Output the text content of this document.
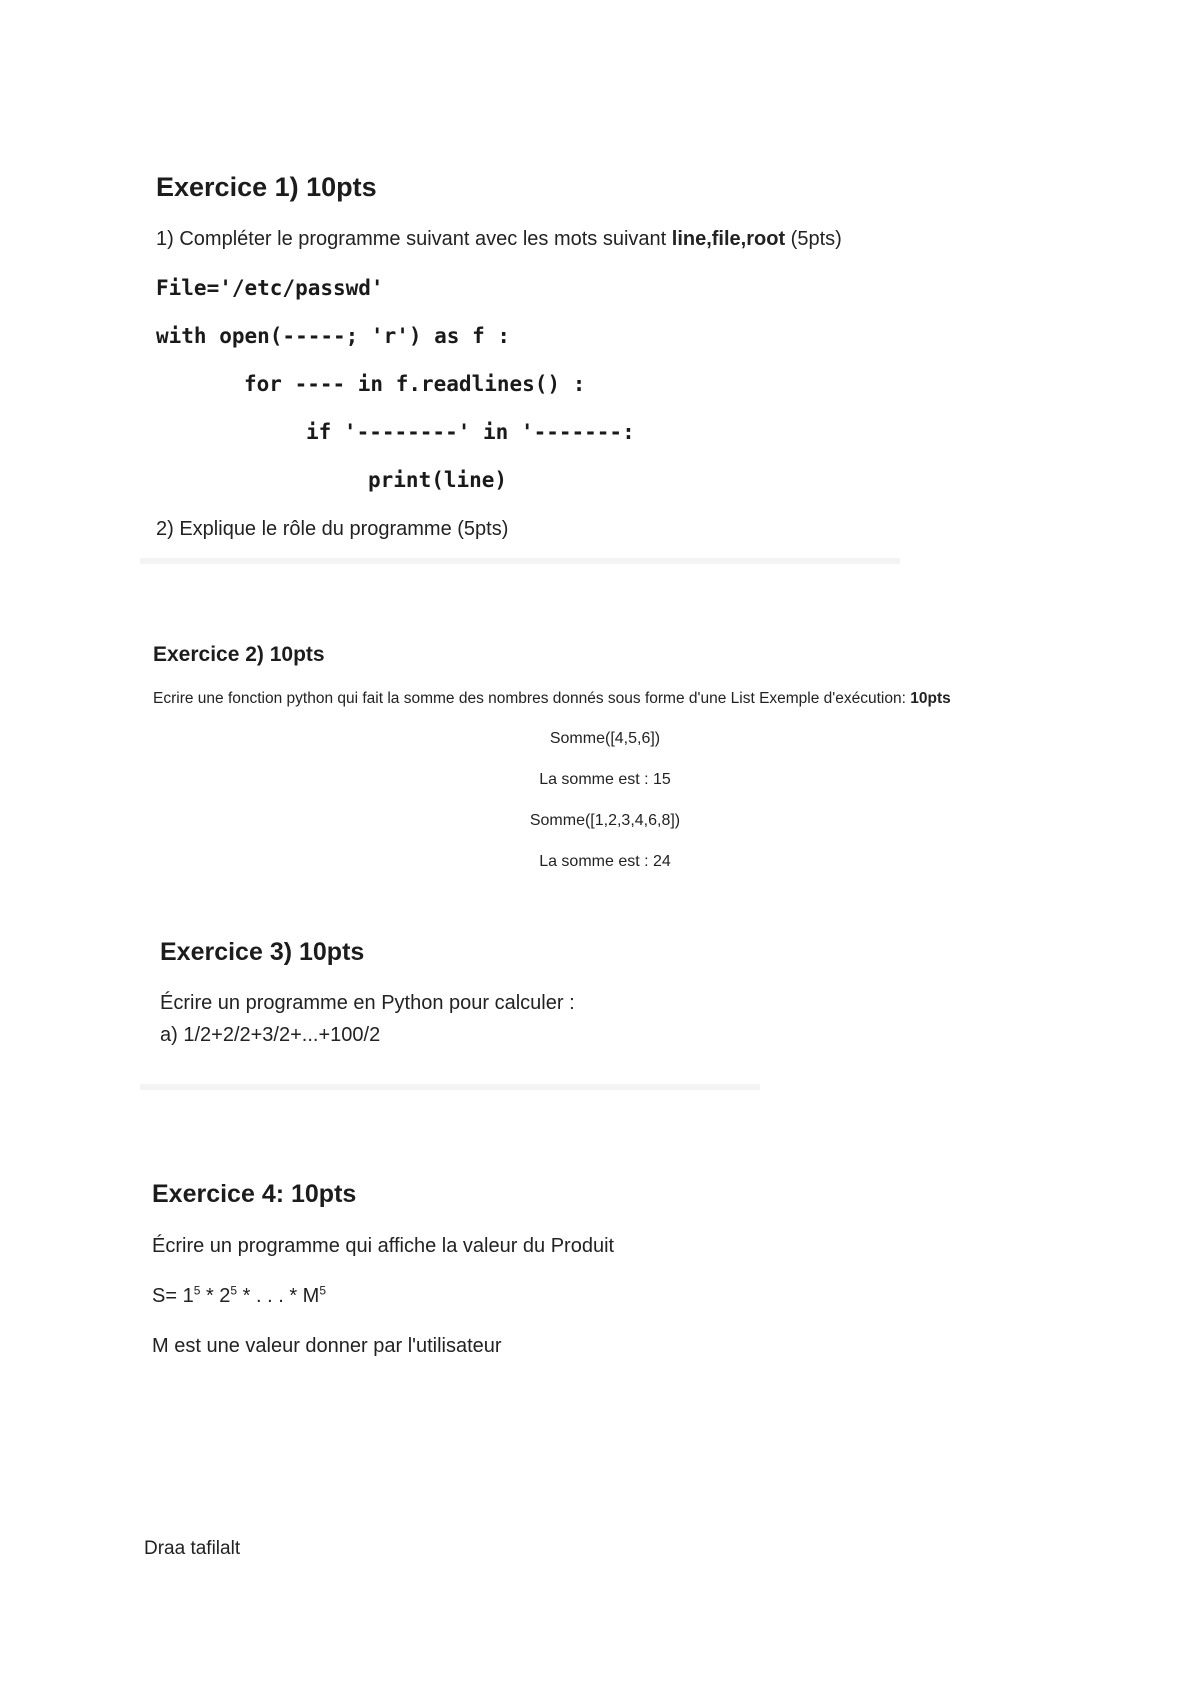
Exercice 1) 10pts
1) Compléter le programme suivant avec les mots suivant line,file,root (5pts)
File='/etc/passwd'
with open(-----; 'r') as f :
for ---- in f.readlines() :
if '--------' in '-------:
print(line)
2) Explique le rôle du programme (5pts)
Exercice 2) 10pts
Ecrire une fonction python qui fait la somme des nombres donnés sous forme d'une List Exemple d'exécution: 10pts
Somme([4,5,6])
La somme est : 15
Somme([1,2,3,4,6,8])
La somme est : 24
Exercice 3) 10pts
Écrire un programme en Python pour calculer :
a) 1/2+2/2+3/2+...+100/2
Exercice 4: 10pts
Écrire un programme qui affiche la valeur du Produit
$S= 1^5 * 2^5$ * . . . * $M^5$
M est une valeur donner par l'utilisateur
Draa tafilalt
